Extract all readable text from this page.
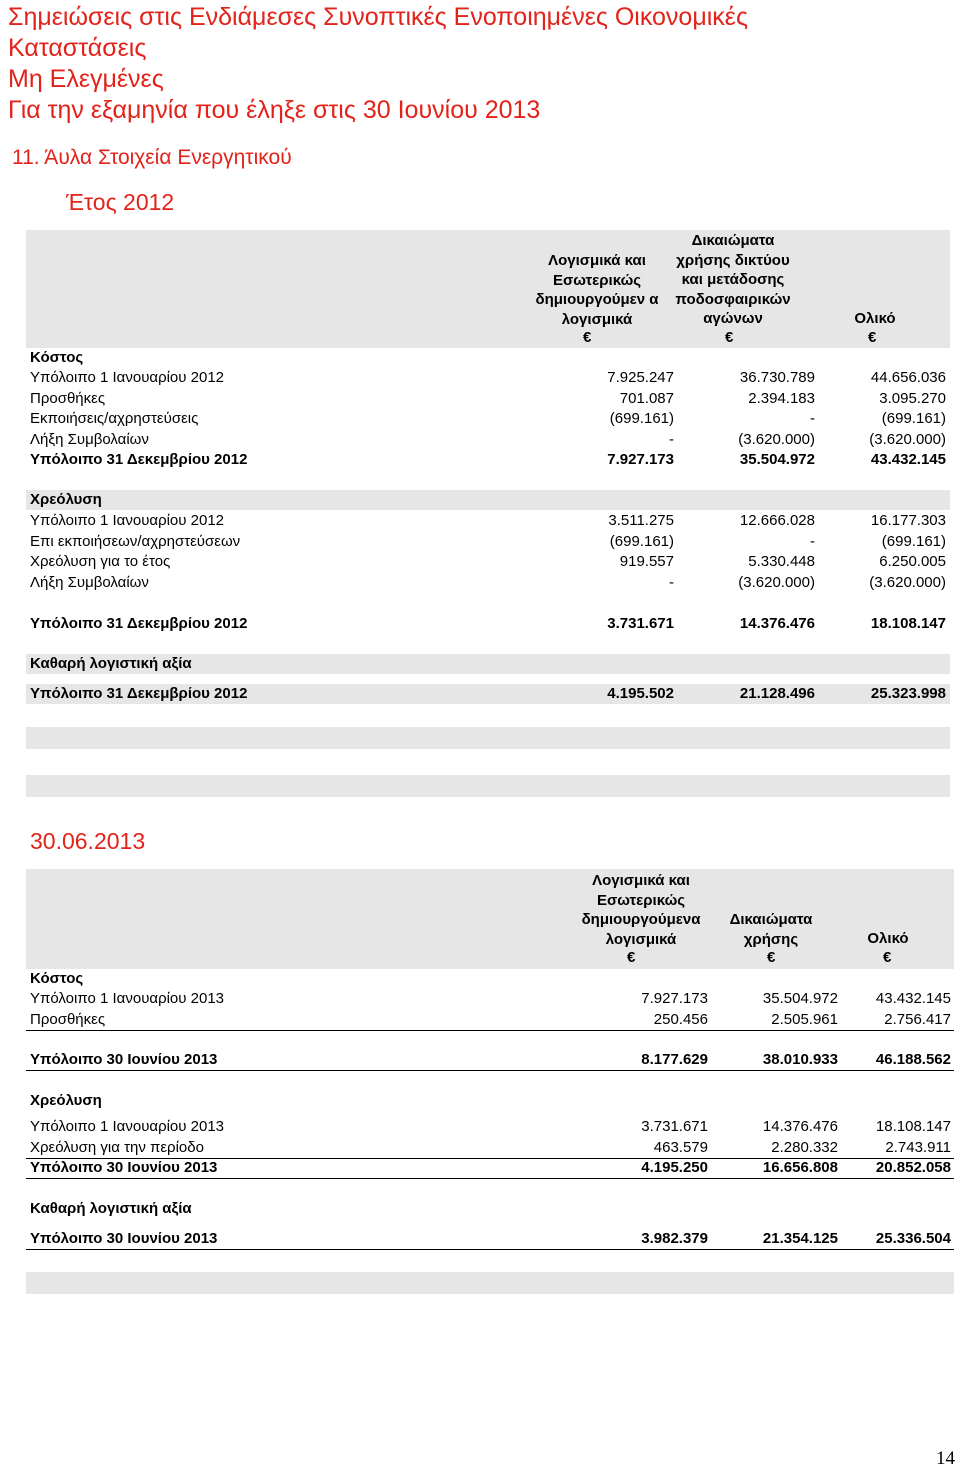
Σημειώσεις στις Ενδιάμεσες Συνοπτικές Ενοποιημένες Οικονομικές
Καταστάσεις
Μη Ελεγμένες
Για την εξαμηνία που έληξε στις 30 Ιουνίου 2013
11. Άυλα Στοιχεία Ενεργητικού
Έτος 2012
Λογισμικά και Εσωτερικώς δημιουργούμεν α λογισμικά
Δικαιώματα χρήσης δικτύου και μετάδοσης ποδοσφαιρικών αγώνων	Ολικό
€	€	€
Κόστος
Υπόλοιπο 1 Ιανουαρίου 2012	7.925.247	36.730.789	44.656.036
Προσθήκες	701.087	2.394.183	3.095.270
Εκποιήσεις/αχρηστεύσεις	(699.161)	-	(699.161)
Λήξη Συμβολαίων	-	(3.620.000)	(3.620.000)
Υπόλοιπο 31 Δεκεμβρίου 2012	7.927.173	35.504.972	43.432.145
Χρεόλυση
Υπόλοιπο 1 Ιανουαρίου 2012	3.511.275	12.666.028	16.177.303
Επι εκποιήσεων/αχρηστεύσεων	(699.161)	-	(699.161)
Χρεόλυση για το έτος	919.557	5.330.448	6.250.005
Λήξη Συμβολαίων	-	(3.620.000)	(3.620.000)
Υπόλοιπο 31 Δεκεμβρίου 2012	3.731.671	14.376.476	18.108.147
Καθαρή λογιστική αξία
Υπόλοιπο 31 Δεκεμβρίου 2012	4.195.502	21.128.496	25.323.998
30.06.2013
Λογισμικά και Εσωτερικώς δημιουργούμενα λογισμικά
Δικαιώματα χρήσης	Ολικό
€	€	€
Κόστος
Υπόλοιπο 1 Ιανουαρίου 2013	7.927.173	35.504.972	43.432.145
Προσθήκες	250.456	2.505.961	2.756.417
Υπόλοιπο 30 Ιουνίου 2013	8.177.629	38.010.933	46.188.562
Χρεόλυση
Υπόλοιπο 1 Ιανουαρίου 2013	3.731.671	14.376.476	18.108.147
Χρεόλυση για την περίοδο	463.579	2.280.332	2.743.911
Υπόλοιπο 30 Ιουνίου 2013	4.195.250	16.656.808	20.852.058
Καθαρή λογιστική αξία
Υπόλοιπο 30 Ιουνίου 2013	3.982.379	21.354.125	25.336.504
14
